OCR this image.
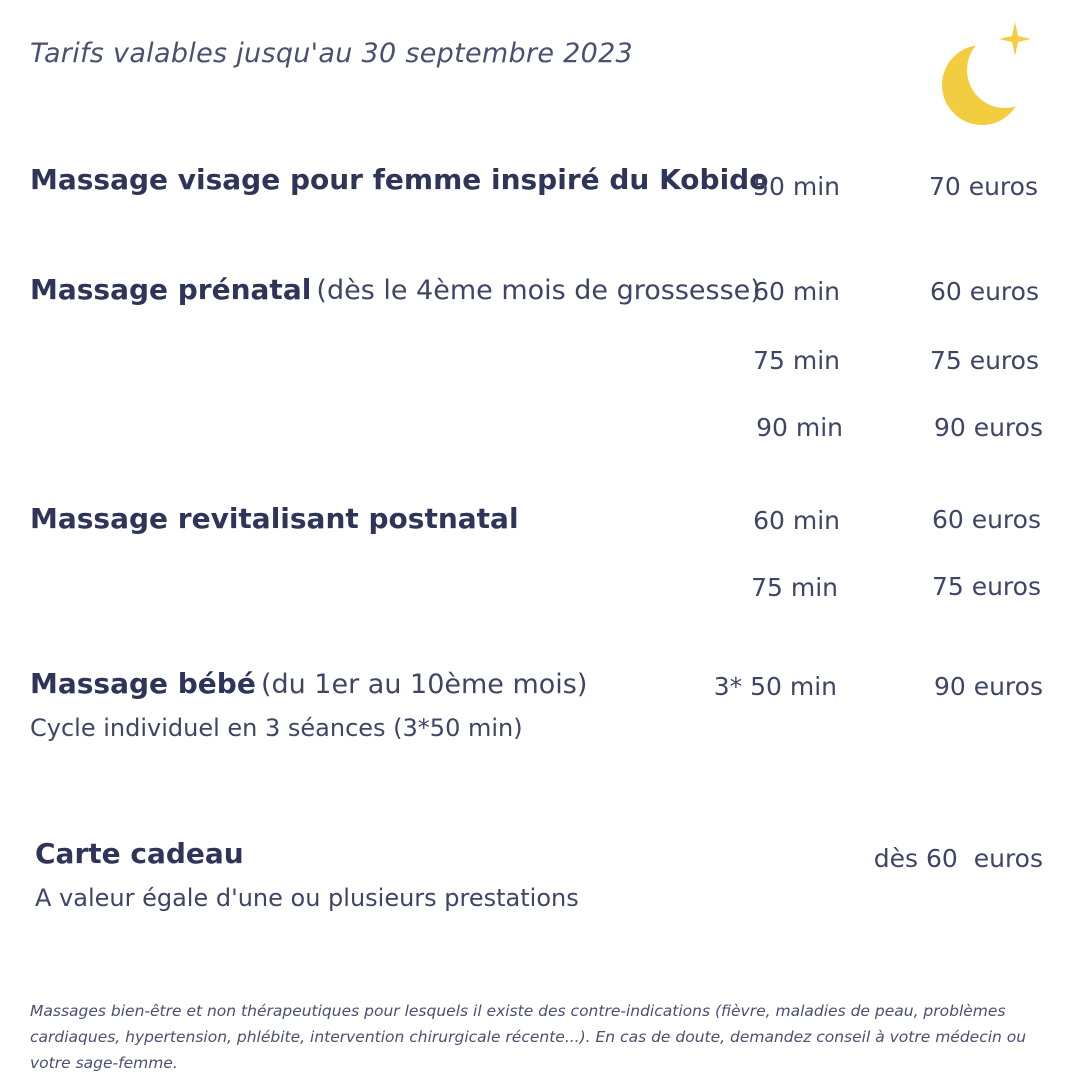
Tarifs valables jusqu'au 30 septembre 2023
Massage visage pour femme inspiré du Kobido
50 min	70 euros
Massage prénatal (dès le 4ème mois de grossesse)
60 min	60 euros
75 min	75 euros
90 min	90 euros
Massage revitalisant postnatal	60 min	60 euros
75 min	75 euros
Massage bébé (du 1er au 10ème mois)
Cycle individuel en 3 séances (3*50 min)
3* 50 min	90 euros
Carte cadeau
A valeur égale d'une ou plusieurs prestations
dès 60  euros
Massages bien-être et non thérapeutiques pour lesquels il existe des contre-indications (fièvre, maladies de peau, problèmes cardiaques, hypertension, phlébite, intervention chirurgicale récente...). En cas de doute, demandez conseil à votre médecin ou votre sage-femme.
